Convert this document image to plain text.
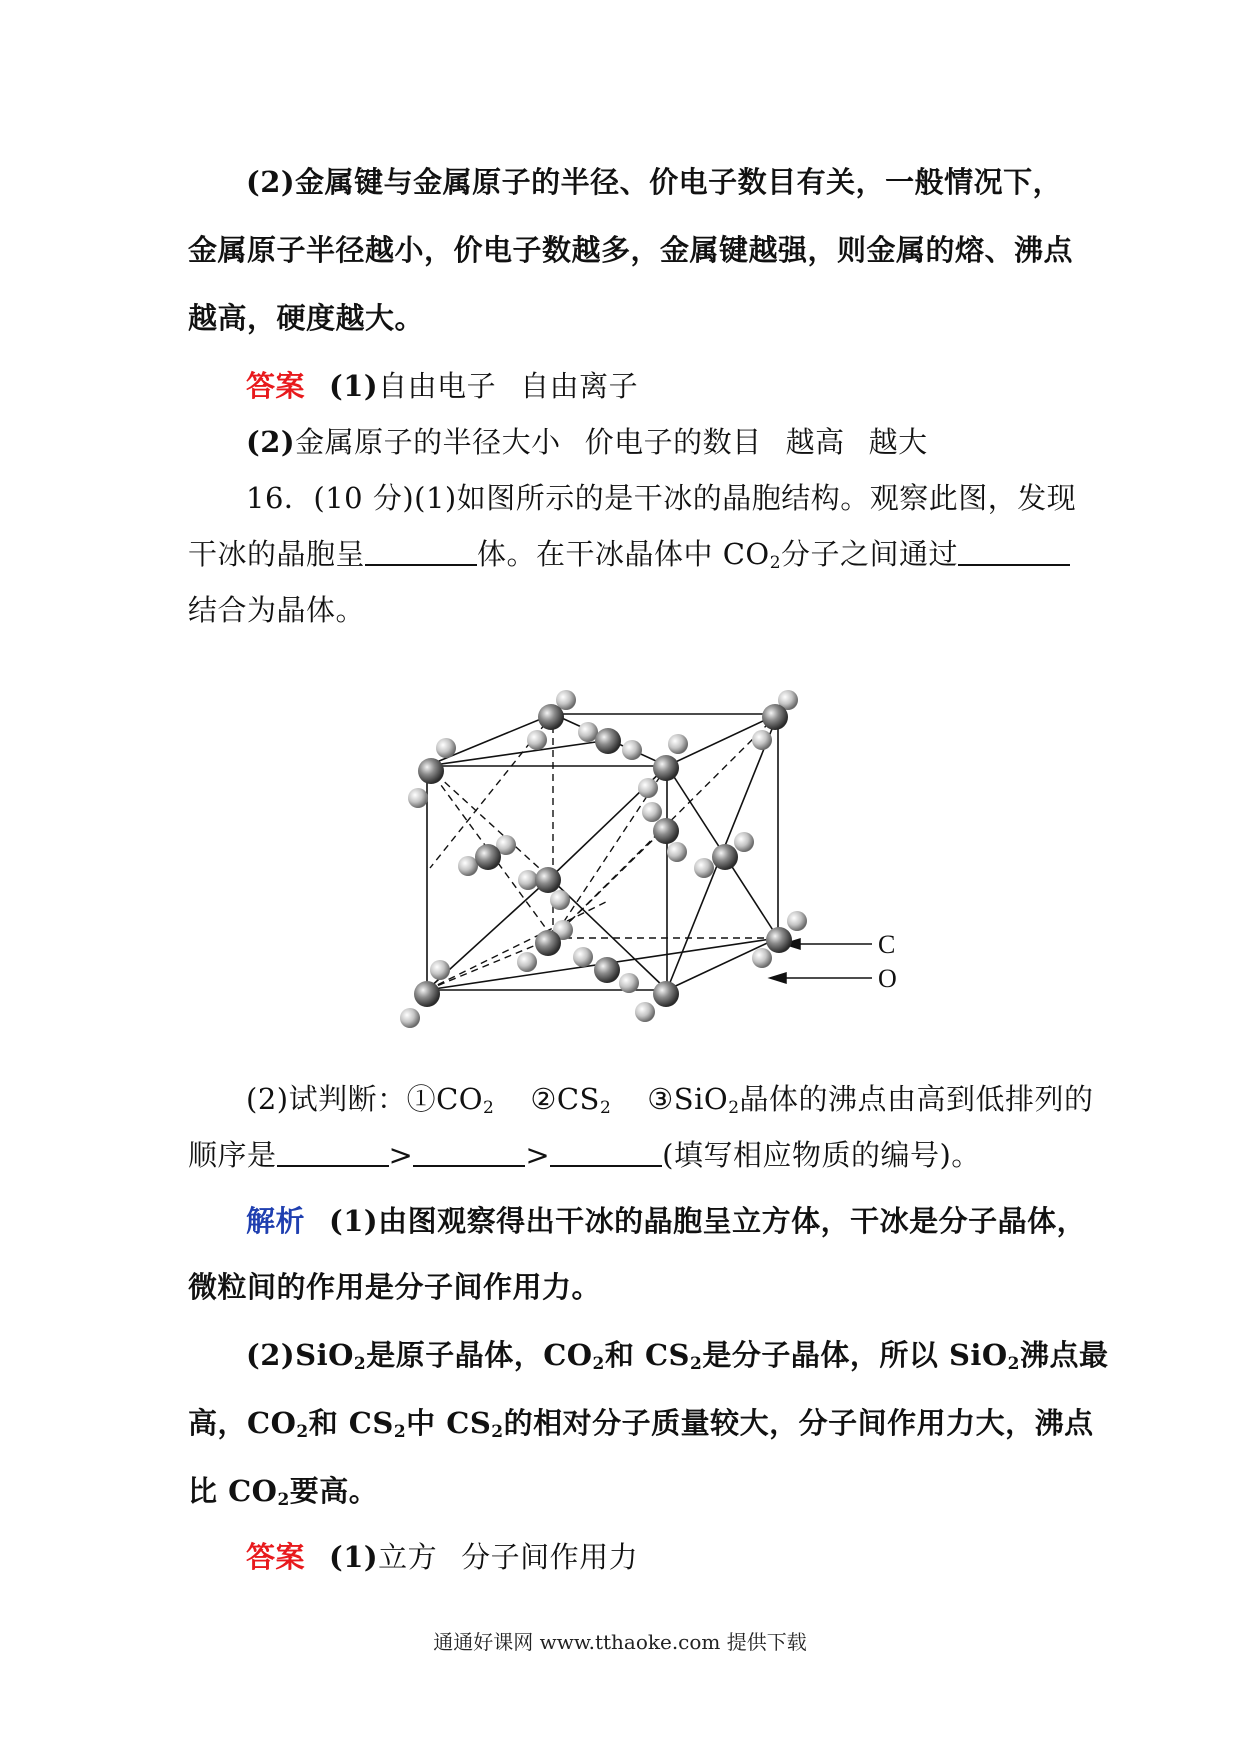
(2)金属键与金属原子的半径、价电子数目有关，一般情况下，
金属原子半径越小，价电子数越多，金属键越强，则金属的熔、沸点
越高，硬度越大。
答案 (1)自由电子 自由离子
(2)金属原子的半径大小 价电子的数目 越高 越大
16．(10 分)(1)如图所示的是干冰的晶胞结构。观察此图，发现
干冰的晶胞呈	体。在干冰晶体中 $CO_2$分子之间通过
结合为晶体。
C
O
(2)试判断：$①CO_2$ $②CS_2$ ③SiO$_2$晶体的沸点由高到低排列的
顺序是	>	>	(填写相应物质的编号)。
解析 (1)由图观察得出干冰的晶胞呈立方体，干冰是分子晶体，
微粒间的作用是分子间作用力。
(2)SiO$_2$是原子晶体，$CO_2$和 $CS_2$是分子晶体，所以 SiO$_2$沸点最
高，$CO_2$和 $CS_2$中 $CS_2$的相对分子质量较大，分子间作用力大，沸点
比 $CO_2$要高。
答案 (1)立方 分子间作用力
通通好课网 www.tthaoke.com 提供下载
